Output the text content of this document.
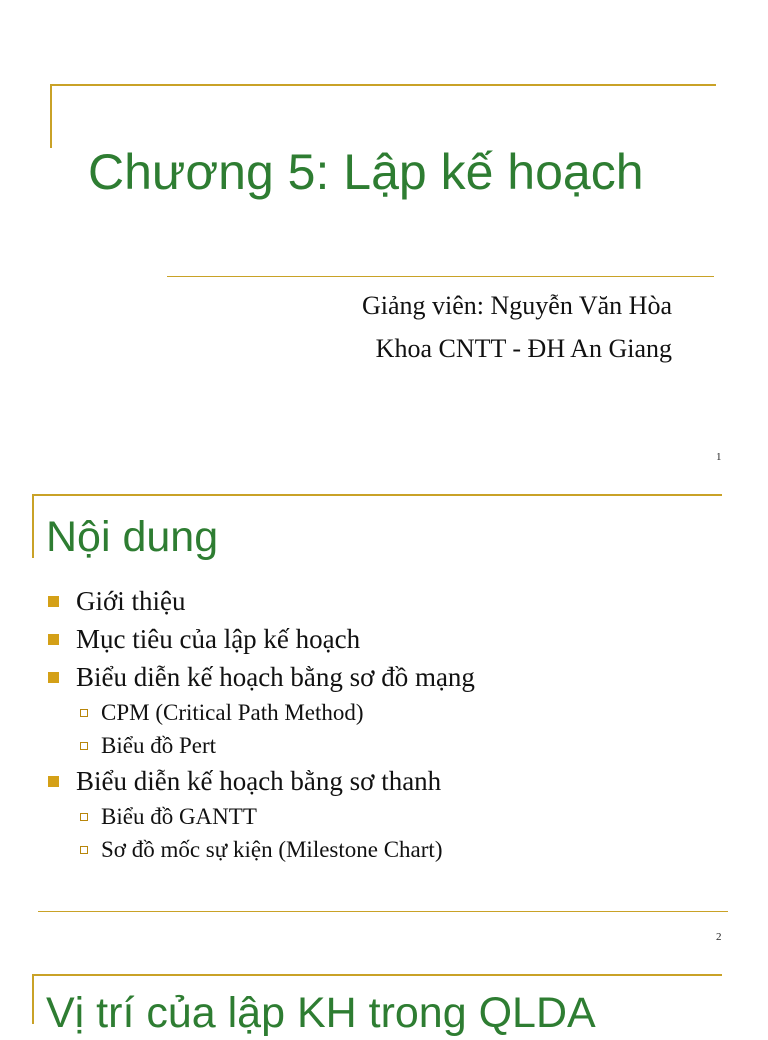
Chương 5: Lập kế hoạch
Giảng viên: Nguyễn Văn Hòa
Khoa CNTT - ĐH An Giang
1
Nội dung
Giới thiệu
Mục tiêu của lập kế hoạch
Biểu diễn kế hoạch bằng sơ đồ mạng
CPM (Critical Path Method)
Biểu đồ Pert
Biểu diễn kế hoạch bằng sơ thanh
Biểu đồ GANTT
Sơ đồ mốc sự kiện (Milestone Chart)
2
Vị trí của lập KH trong QLDA
